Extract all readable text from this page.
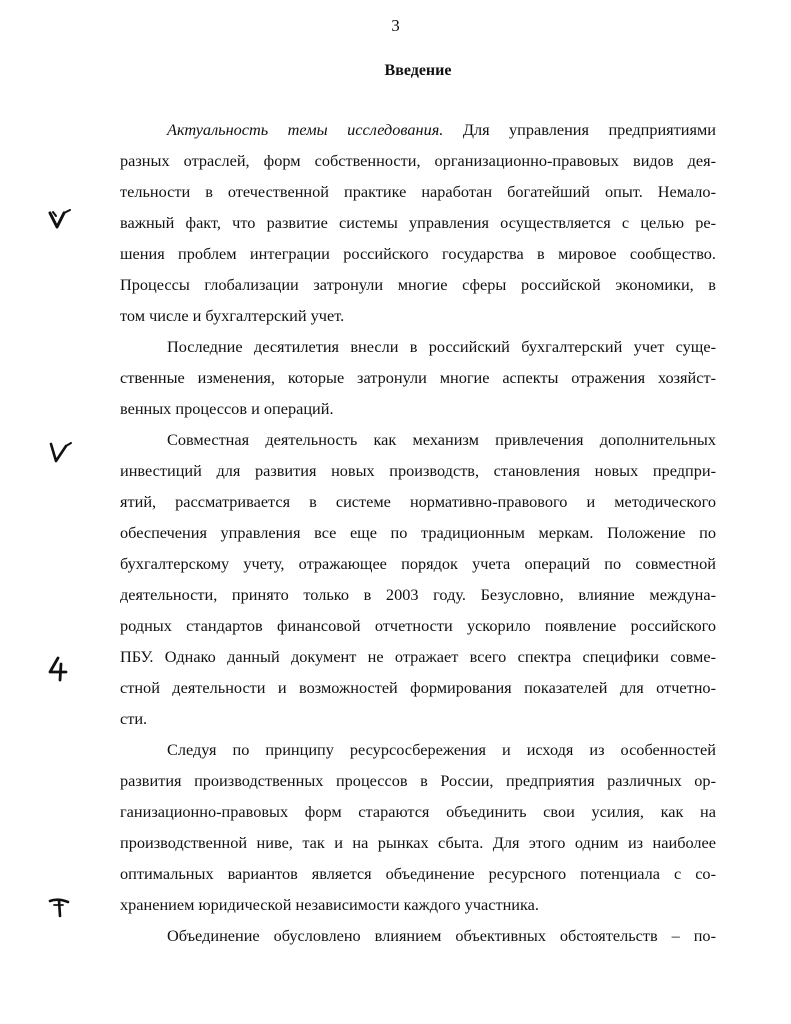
3
Введение
Актуальность темы исследования. Для управления предприятиями
разных отраслей, форм собственности, организационно-правовых видов дея-
тельности в отечественной практике наработан богатейший опыт. Немало-
важный факт, что развитие системы управления осуществляется с целью ре-
шения проблем интеграции российского государства в мировое сообщество.
Процессы глобализации затронули многие сферы российской экономики, в
том числе и бухгалтерский учет.
Последние десятилетия внесли в российский бухгалтерский учет суще-
ственные изменения, которые затронули многие аспекты отражения хозяйст-
венных процессов и операций.
Совместная деятельность как механизм привлечения дополнительных
инвестиций для развития новых производств, становления новых предпри-
ятий, рассматривается в системе нормативно-правового и методического
обеспечения управления все еще по традиционным меркам. Положение по
бухгалтерскому учету, отражающее порядок учета операций по совместной
деятельности, принято только в 2003 году. Безусловно, влияние междуна-
родных стандартов финансовой отчетности ускорило появление российского
ПБУ. Однако данный документ не отражает всего спектра специфики совме-
стной деятельности и возможностей формирования показателей для отчетно-
сти.
Следуя по принципу ресурсосбережения и исходя из особенностей
развития производственных процессов в России, предприятия различных ор-
ганизационно-правовых форм стараются объединить свои усилия, как на
производственной ниве, так и на рынках сбыта. Для этого одним из наиболее
оптимальных вариантов является объединение ресурсного потенциала с со-
хранением юридической независимости каждого участника.
Объединение обусловлено влиянием объективных обстоятельств – по-
